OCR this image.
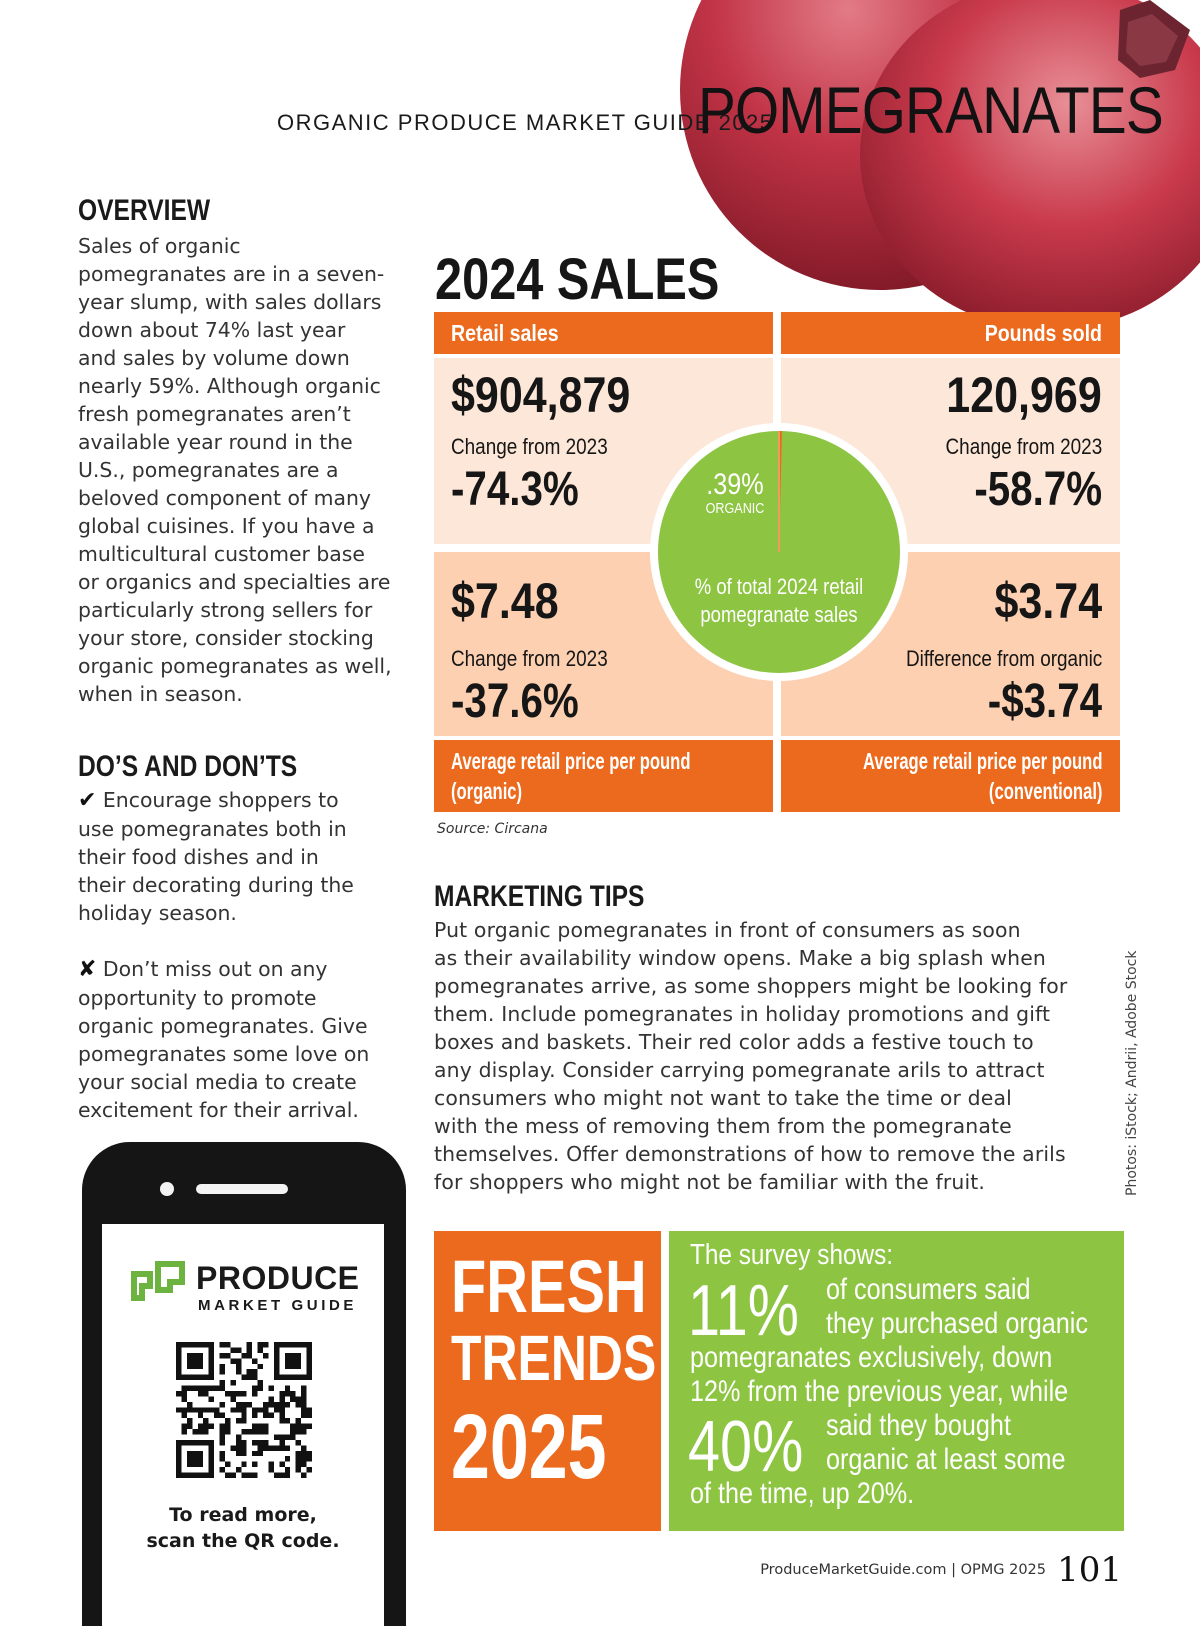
ORGANIC PRODUCE MARKET GUIDE 2025
POMEGRANATES
OVERVIEW
Sales of organic
pomegranates are in a seven-
year slump, with sales dollars
down about 74% last year
and sales by volume down
nearly 59%. Although organic
fresh pomegranates aren’t
available year round in the
U.S., pomegranates are a
beloved component of many
global cuisines. If you have a
multicultural customer base
or organics and specialties are
particularly strong sellers for
your store, consider stocking
organic pomegranates as well,
when in season.
DO’S AND DON’TS
✔ Encourage shoppers to
use pomegranates both in
their food dishes and in
their decorating during the
holiday season.
✘ Don’t miss out on any
opportunity to promote
organic pomegranates. Give
pomegranates some love on
your social media to create
excitement for their arrival.
2024 SALES
Retail sales	Pounds sold
$904,879
Change from 2023
-74.3%
120,969
Change from 2023
-58.7%
$7.48
Change from 2023
-37.6%
$3.74
Difference from organic
-$3.74
Average retail price per pound
(organic)
Average retail price per pound
(conventional)
.39%
ORGANIC
% of total 2024 retail
pomegranate sales
Source: Circana
MARKETING TIPS
Put organic pomegranates in front of consumers as soon
as their availability window opens. Make a big splash when
pomegranates arrive, as some shoppers might be looking for
them. Include pomegranates in holiday promotions and gift
boxes and baskets. Their red color adds a festive touch to
any display. Consider carrying pomegranate arils to attract
consumers who might not want to take the time or deal
with the mess of removing them from the pomegranate
themselves. Offer demonstrations of how to remove the arils
for shoppers who might not be familiar with the fruit.	Photos: iStock; Andrii, Adobe Stock
FRESH
TRENDS
2025
The survey shows:
11% of consumers said
they purchased organic
pomegranates exclusively, down
12% from the previous year, while
40% said they bought
organic at least some
of the time, up 20%.
PRODUCE
MARKET GUIDE
To read more,
scan the QR code.
ProduceMarketGuide.com | OPMG 2025 101
